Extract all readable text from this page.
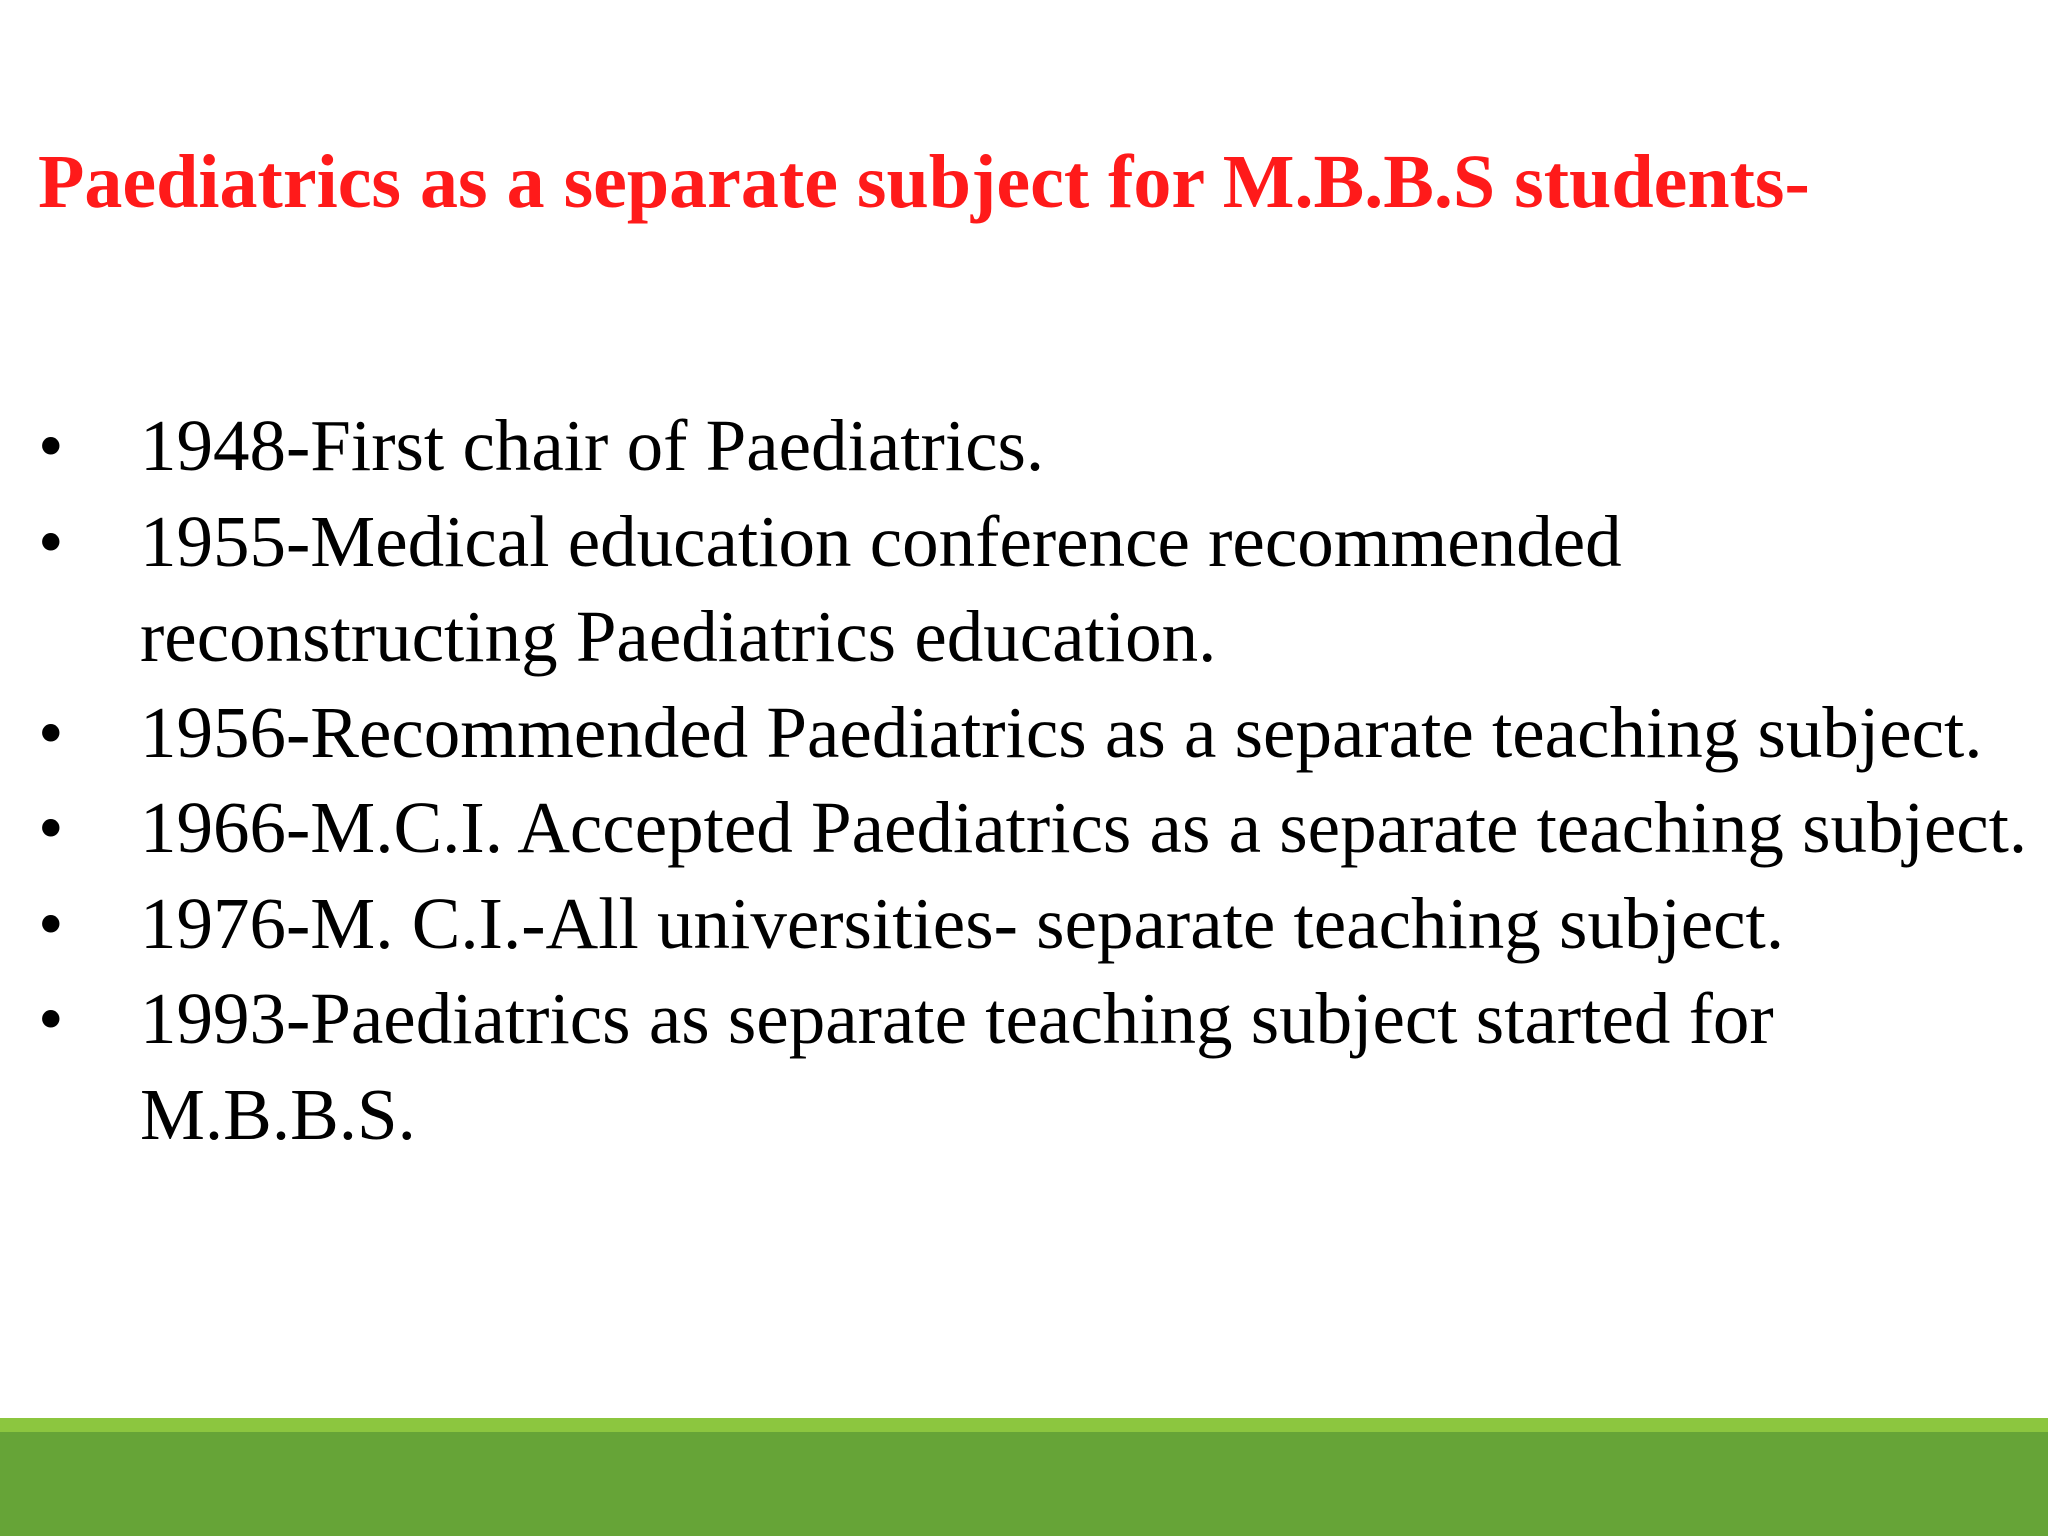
Paediatrics as a separate subject for M.B.B.S students-
• 1948-First chair of Paediatrics.
• 1955-Medical education conference recommended reconstructing Paediatrics education.
• 1956-Recommended Paediatrics as a separate teaching subject.
• 1966-M.C.I. Accepted Paediatrics as a separate teaching subject.
• 1976-M. C.I.-All universities- separate teaching subject.
• 1993-Paediatrics as separate teaching subject started for M.B.B.S.
